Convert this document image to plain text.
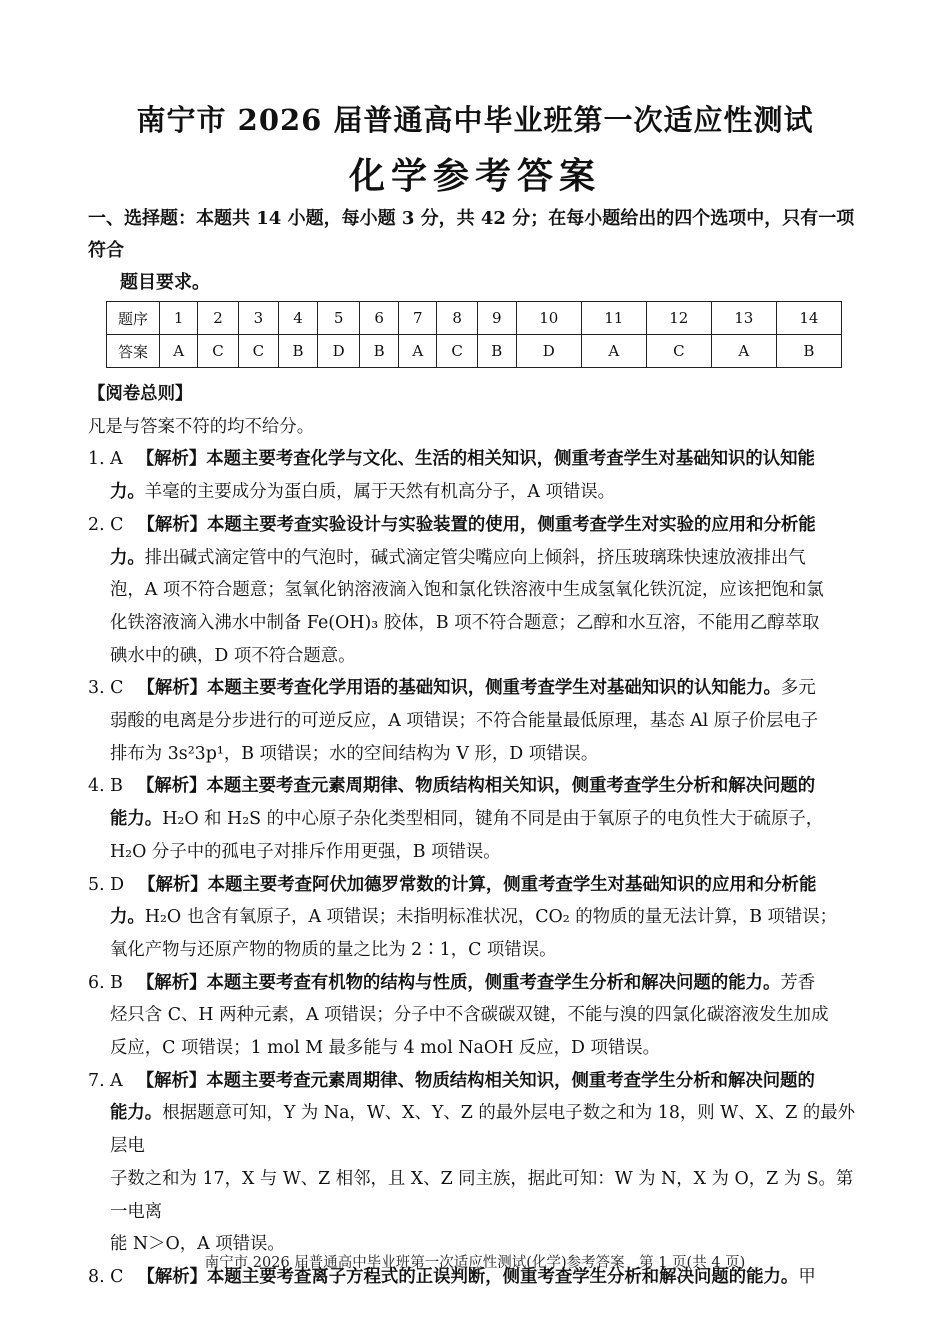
南宁市 2026 届普通高中毕业班第一次适应性测试
化学参考答案
一、选择题：本题共 14 小题，每小题 3 分，共 42 分；在每小题给出的四个选项中，只有一项符合
题目要求。
题序	1	2	3	4	5	6	7	8	9	10	11	12	13	14
答案	A	C	C	B	D	B	A	C	B	D	A	C	A	B
【阅卷总则】
凡是与答案不符的均不给分。
1. A 【解析】本题主要考查化学与文化、生活的相关知识，侧重考查学生对基础知识的认知能
力。羊毫的主要成分为蛋白质，属于天然有机高分子，A 项错误。
2. C 【解析】本题主要考查实验设计与实验装置的使用，侧重考查学生对实验的应用和分析能
力。排出碱式滴定管中的气泡时，碱式滴定管尖嘴应向上倾斜，挤压玻璃珠快速放液排出气
泡，A 项不符合题意；氢氧化钠溶液滴入饱和氯化铁溶液中生成氢氧化铁沉淀，应该把饱和氯
化铁溶液滴入沸水中制备 Fe(OH)₃ 胶体，B 项不符合题意；乙醇和水互溶，不能用乙醇萃取
碘水中的碘，D 项不符合题意。
3. C 【解析】本题主要考查化学用语的基础知识，侧重考查学生对基础知识的认知能力。多元
弱酸的电离是分步进行的可逆反应，A 项错误；不符合能量最低原理，基态 Al 原子价层电子
排布为 3s²3p¹，B 项错误；水的空间结构为 V 形，D 项错误。
4. B 【解析】本题主要考查元素周期律、物质结构相关知识，侧重考查学生分析和解决问题的
能力。H₂O 和 H₂S 的中心原子杂化类型相同，键角不同是由于氧原子的电负性大于硫原子，
H₂O 分子中的孤电子对排斥作用更强，B 项错误。
5. D 【解析】本题主要考查阿伏加德罗常数的计算，侧重考查学生对基础知识的应用和分析能
力。H₂O 也含有氧原子，A 项错误；未指明标准状况，CO₂ 的物质的量无法计算，B 项错误；
氧化产物与还原产物的物质的量之比为 2∶1，C 项错误。
6. B 【解析】本题主要考查有机物的结构与性质，侧重考查学生分析和解决问题的能力。芳香
烃只含 C、H 两种元素，A 项错误；分子中不含碳碳双键，不能与溴的四氯化碳溶液发生加成
反应，C 项错误；1 mol M 最多能与 4 mol NaOH 反应，D 项错误。
7. A 【解析】本题主要考查元素周期律、物质结构相关知识，侧重考查学生分析和解决问题的
能力。根据题意可知，Y 为 Na，W、X、Y、Z 的最外层电子数之和为 18，则 W、X、Z 的最外层电
子数之和为 17，X 与 W、Z 相邻，且 X、Z 同主族，据此可知：W 为 N，X 为 O，Z 为 S。第一电离
能 N＞O，A 项错误。
8. C 【解析】本题主要考查离子方程式的正误判断，侧重考查学生分析和解决问题的能力。甲
南宁市 2026 届普通高中毕业班第一次适应性测试(化学)参考答案　第 1 页(共 4 页)
